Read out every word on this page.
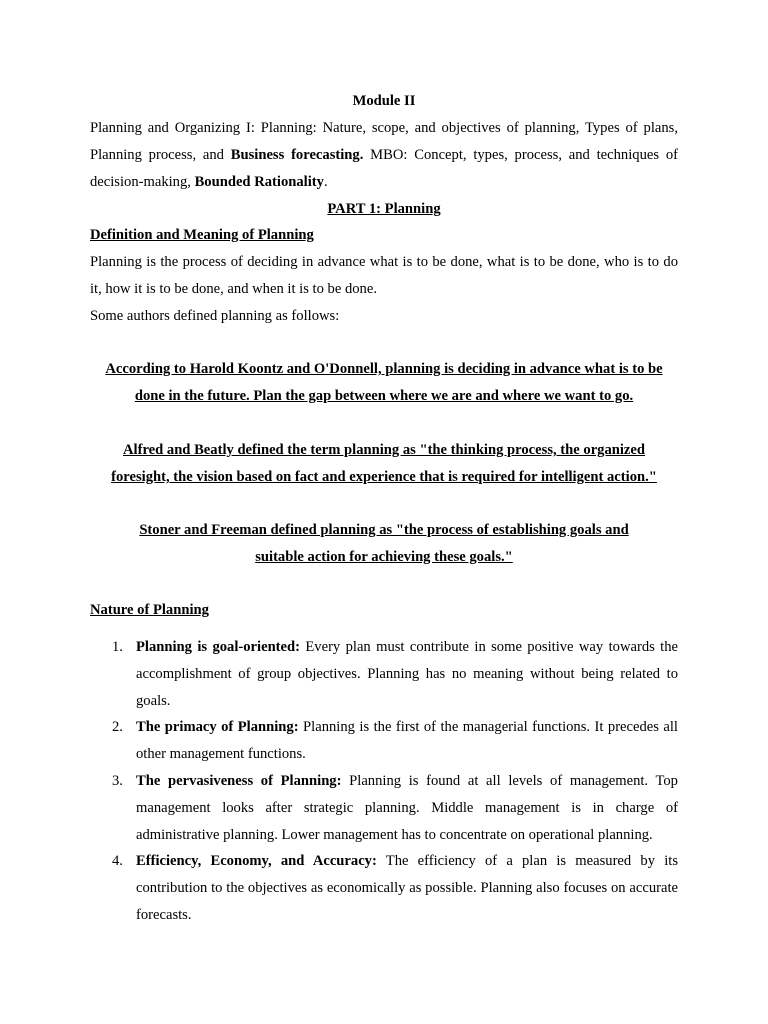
Module II
Planning and Organizing I: Planning: Nature, scope, and objectives of planning, Types of plans, Planning process, and Business forecasting. MBO: Concept, types, process, and techniques of decision-making, Bounded Rationality.
PART 1: Planning
Definition and Meaning of Planning
Planning is the process of deciding in advance what is to be done, what is to be done, who is to do it, how it is to be done, and when it is to be done.
Some authors defined planning as follows:
According to Harold Koontz and O'Donnell, planning is deciding in advance what is to be done in the future. Plan the gap between where we are and where we want to go.
Alfred and Beatly defined the term planning as "the thinking process, the organized foresight, the vision based on fact and experience that is required for intelligent action."
Stoner and Freeman defined planning as "the process of establishing goals and suitable action for achieving these goals."
Nature of Planning
1. Planning is goal-oriented: Every plan must contribute in some positive way towards the accomplishment of group objectives. Planning has no meaning without being related to goals.
2. The primacy of Planning: Planning is the first of the managerial functions. It precedes all other management functions.
3. The pervasiveness of Planning: Planning is found at all levels of management. Top management looks after strategic planning. Middle management is in charge of administrative planning. Lower management has to concentrate on operational planning.
4. Efficiency, Economy, and Accuracy: The efficiency of a plan is measured by its contribution to the objectives as economically as possible. Planning also focuses on accurate forecasts.
